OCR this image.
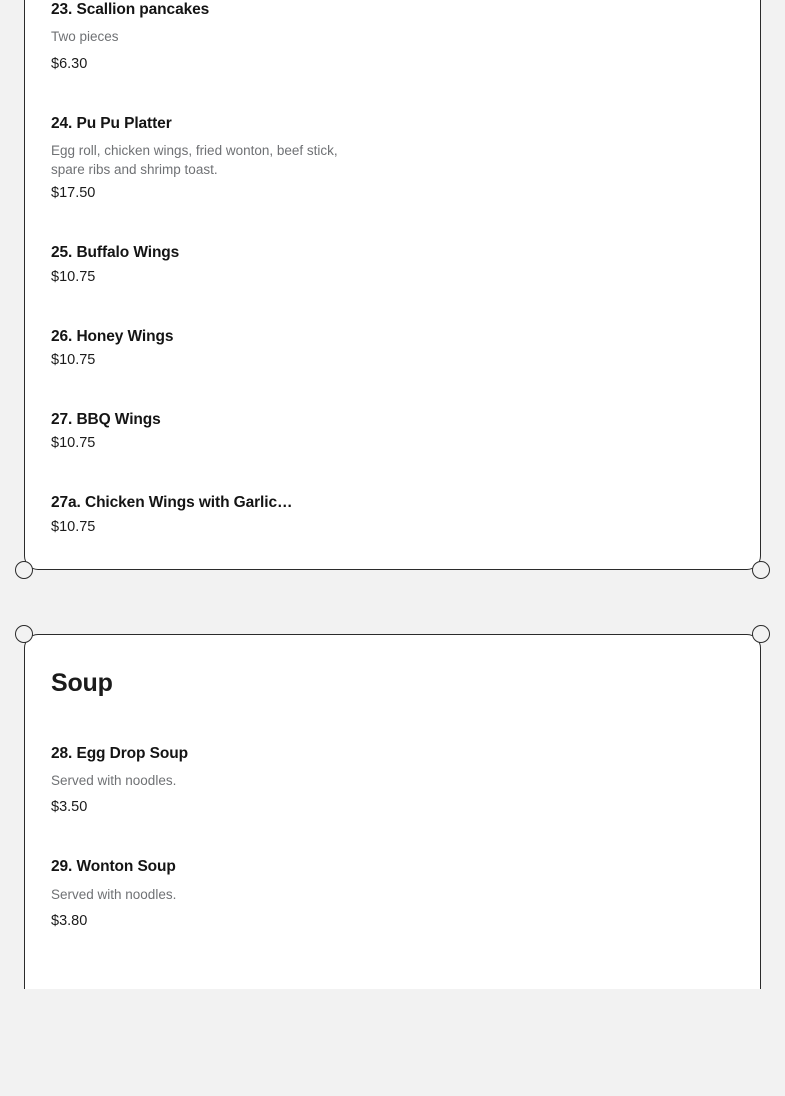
23. Scallion pancakes
Two pieces
$6.30
24. Pu Pu Platter
Egg roll, chicken wings, fried wonton, beef stick, spare ribs and shrimp toast.
$17.50
25. Buffalo Wings
$10.75
26. Honey Wings
$10.75
27. BBQ Wings
$10.75
27a. Chicken Wings with Garlic…
$10.75
Soup
28. Egg Drop Soup
Served with noodles.
$3.50
29. Wonton Soup
Served with noodles.
$3.80
